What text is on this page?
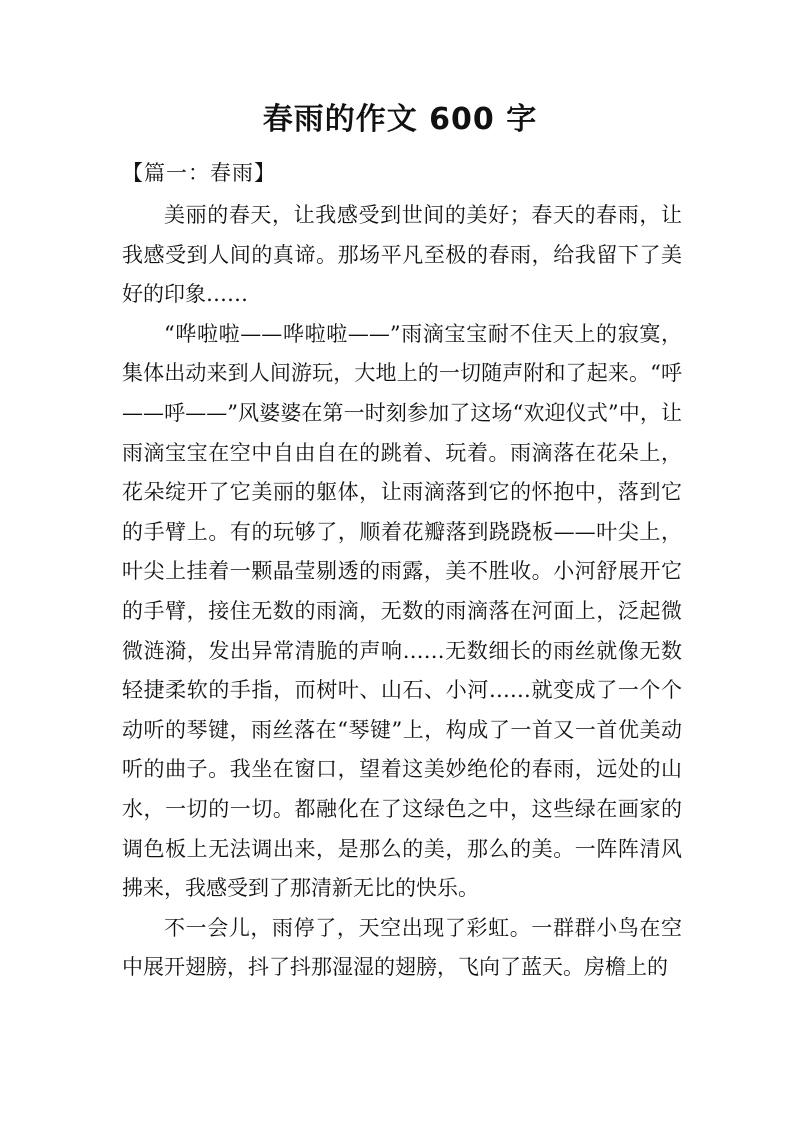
春雨的作文 600 字
【篇一：春雨】

美丽的春天，让我感受到世间的美好；春天的春雨，让我感受到人间的真谛。那场平凡至极的春雨，给我留下了美好的印象……

“哗啦啦——哗啦啦——”雨滴宝宝耐不住天上的寂寞，集体出动来到人间游玩，大地上的一切随声附和了起来。“呼——呼——”风婆婆在第一时刻参加了这场“欢迎仪式”中，让雨滴宝宝在空中自由自在的跳着、玩着。雨滴落在花朵上，花朵绽开了它美丽的躯体，让雨滴落到它的怀抱中，落到它的手臂上。有的玩够了，顺着花瓣落到跷跷板——叶尖上，叶尖上挂着一颗晶莹剔透的雨露，美不胜收。小河舒展开它的手臂，接住无数的雨滴，无数的雨滴落在河面上，泛起微微涟漪，发出异常清脆的声响……无数细长的雨丝就像无数轻捷柔软的手指，而树叶、山石、小河……就变成了一个个动听的琴键，雨丝落在“琴键”上，构成了一首又一首优美动听的曲子。我坐在窗口，望着这美妙绝伦的春雨，远处的山水，一切的一切。都融化在了这绿色之中，这些绿在画家的调色板上无法调出来，是那么的美，那么的美。一阵阵清风拂来，我感受到了那清新无比的快乐。

不一会儿，雨停了，天空出现了彩虹。一群群小鸟在空中展开翅膀，抖了抖那湿湿的翅膀，飞向了蓝天。房檐上的
